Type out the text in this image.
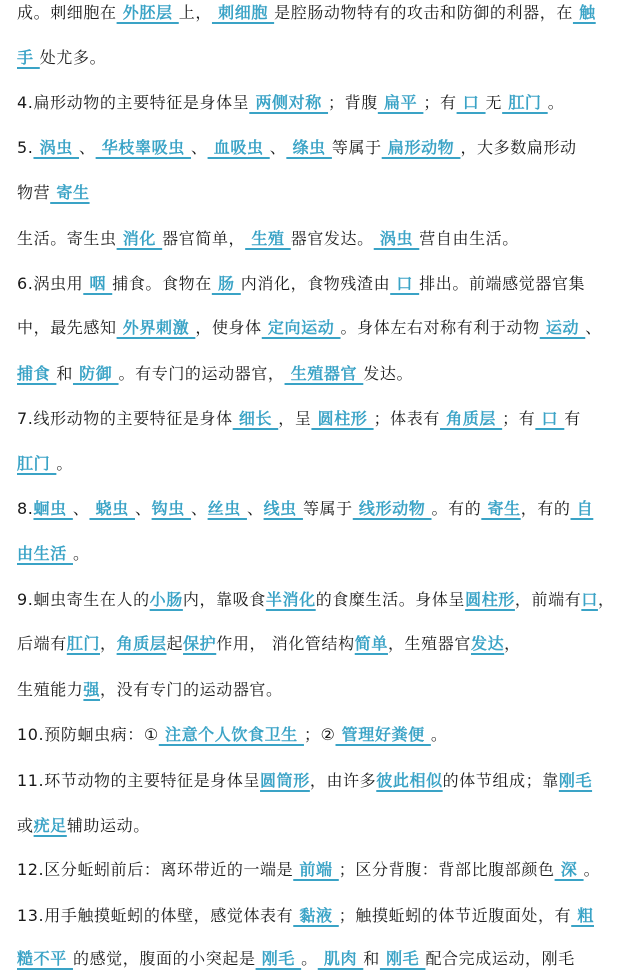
成。刺细胞在 外胚层 上， 刺细胞 是腔肠动物特有的攻击和防御的利器，在 触
手 处尤多。
4.扁形动物的主要特征是身体呈 两侧对称 ；背腹 扁平 ；有 口 无 肛门 。
5. 涡虫 、 华枝睾吸虫 、 血吸虫 、 绦虫 等属于 扁形动物 ，大多数扁形动
物营 寄生
生活。寄生虫 消化 器官简单， 生殖 器官发达。 涡虫 营自由生活。
6.涡虫用 咽 捕食。食物在 肠 内消化，食物残渣由 口 排出。前端感觉器官集
中，最先感知 外界刺激 ，使身体 定向运动 。身体左右对称有利于动物 运动 、
捕食 和 防御 。有专门的运动器官， 生殖器官 发达。
7.线形动物的主要特征是身体 细长 ，呈 圆柱形 ；体表有 角质层 ；有 口 有
肛门 。
8.蛔虫 、 蛲虫 、钩虫 、丝虫 、线虫 等属于 线形动物 。有的 寄生，有的 自
由生活 。
9.蛔虫寄生在人的小肠内，靠吸食半消化的食糜生活。身体呈圆柱形，前端有口，
后端有肛门，角质层起保护作用， 消化管结构简单，生殖器官发达，
生殖能力强，没有专门的运动器官。
10.预防蛔虫病：① 注意个人饮食卫生 ；② 管理好粪便 。
11.环节动物的主要特征是身体呈圆筒形，由许多彼此相似的体节组成；靠刚毛
或疣足辅助运动。
12.区分蚯蚓前后：离环带近的一端是 前端 ；区分背腹：背部比腹部颜色 深 。
13.用手触摸蚯蚓的体壁，感觉体表有 黏液 ；触摸蚯蚓的体节近腹面处，有 粗
糙不平 的感觉，腹面的小突起是 刚毛 。 肌肉 和 刚毛 配合完成运动，刚毛
